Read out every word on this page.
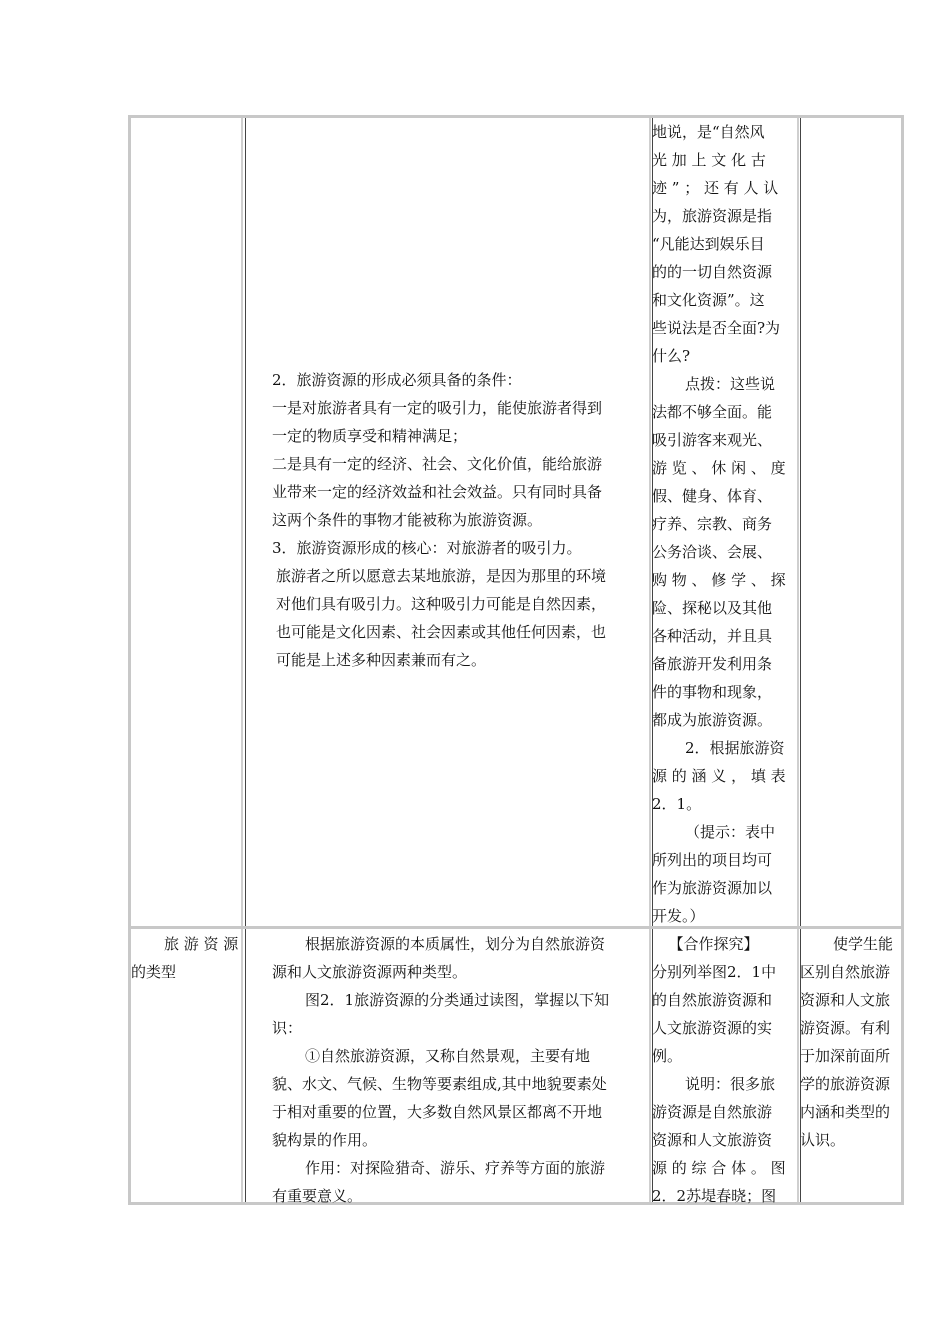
2．旅游资源的形成必须具备的条件：

一是对旅游者具有一定的吸引力，能使旅游者得到

一定的物质享受和精神满足；

二是具有一定的经济、社会、文化价值，能给旅游

业带来一定的经济效益和社会效益。只有同时具备

这两个条件的事物才能被称为旅游资源。

3．旅游资源形成的核心：对旅游者的吸引力。

旅游者之所以愿意去某地旅游，是因为那里的环境

对他们具有吸引力。这种吸引力可能是自然因素，

也可能是文化因素、社会因素或其他任何因素，也

可能是上述多种因素兼而有之。

地说，是“自然风

光 加 上 文 化 古

迹 ” ； 还 有 人 认

为，旅游资源是指

“凡能达到娱乐目

的的一切自然资源

和文化资源”。这

些说法是否全面?为

什么?

点拨：这些说

法都不够全面。能

吸引游客来观光、

游 览 、 休 闲 、 度

假、健身、体育、

疗养、宗教、商务

公务洽谈、会展、

购 物 、 修 学 、 探

险、探秘以及其他

各种活动，并且具

备旅游开发利用条

件的事物和现象，

都成为旅游资源。

2．根据旅游资

源 的 涵 义 ， 填 表

2．1。

（提示：表中

所列出的项目均可

作为旅游资源加以

开发。）

旅 游 资 源

的类型

根据旅游资源的本质属性，划分为自然旅游资

源和人文旅游资源两种类型。

图2．1旅游资源的分类通过读图，掌握以下知

识：

①自然旅游资源，又称自然景观，主要有地

貌、水文、气候、生物等要素组成,其中地貌要素处

于相对重要的位置，大多数自然风景区都离不开地

貌构景的作用。

作用：对探险猎奇、游乐、疗养等方面的旅游

有重要意义。

【合作探究】

分别列举图2．1中

的自然旅游资源和

人文旅游资源的实

例。

说明：很多旅

游资源是自然旅游

资源和人文旅游资

源 的 综 合 体 。 图

2．2苏堤春晓；图

使学生能

区别自然旅游

资源和人文旅

游资源。有利

于加深前面所

学的旅游资源

内涵和类型的

认识。
